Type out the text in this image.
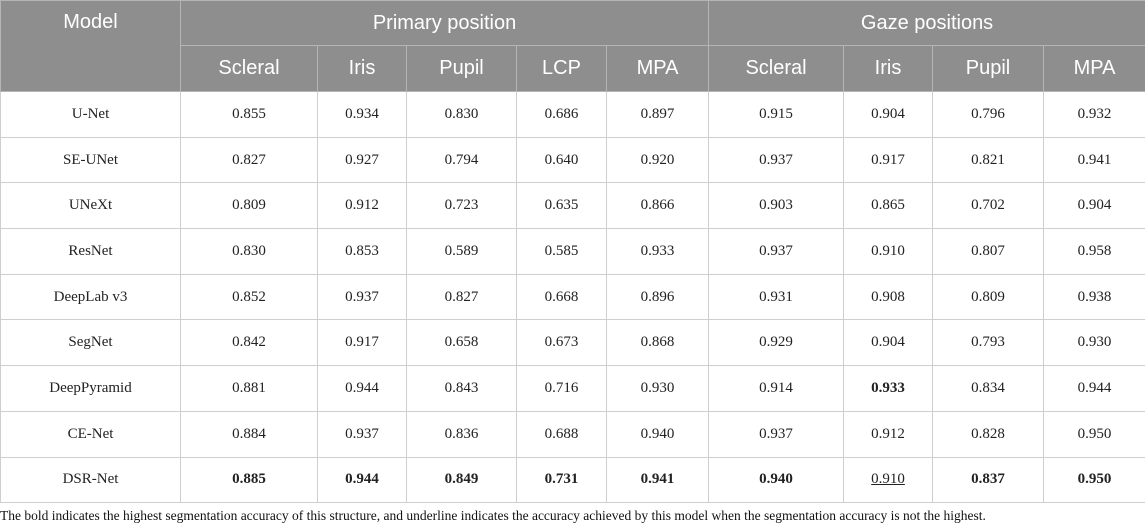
Model	Primary position					Gaze positions			
	Scleral	Iris	Pupil	LCP	MPA	Scleral	Iris	Pupil	MPA
U-Net	0.855	0.934	0.830	0.686	0.897	0.915	0.904	0.796	0.932
SE-UNet	0.827	0.927	0.794	0.640	0.920	0.937	0.917	0.821	0.941
UNeXt	0.809	0.912	0.723	0.635	0.866	0.903	0.865	0.702	0.904
ResNet	0.830	0.853	0.589	0.585	0.933	0.937	0.910	0.807	0.958
DeepLab v3	0.852	0.937	0.827	0.668	0.896	0.931	0.908	0.809	0.938
SegNet	0.842	0.917	0.658	0.673	0.868	0.929	0.904	0.793	0.930
DeepPyramid	0.881	0.944	0.843	0.716	0.930	0.914	0.933	0.834	0.944
CE-Net	0.884	0.937	0.836	0.688	0.940	0.937	0.912	0.828	0.950
DSR-Net	0.885	0.944	0.849	0.731	0.941	0.940	0.910	0.837	0.950
The bold indicates the highest segmentation accuracy of this structure, and underline indicates the accuracy achieved by this model when the segmentation accuracy is not the highest.
